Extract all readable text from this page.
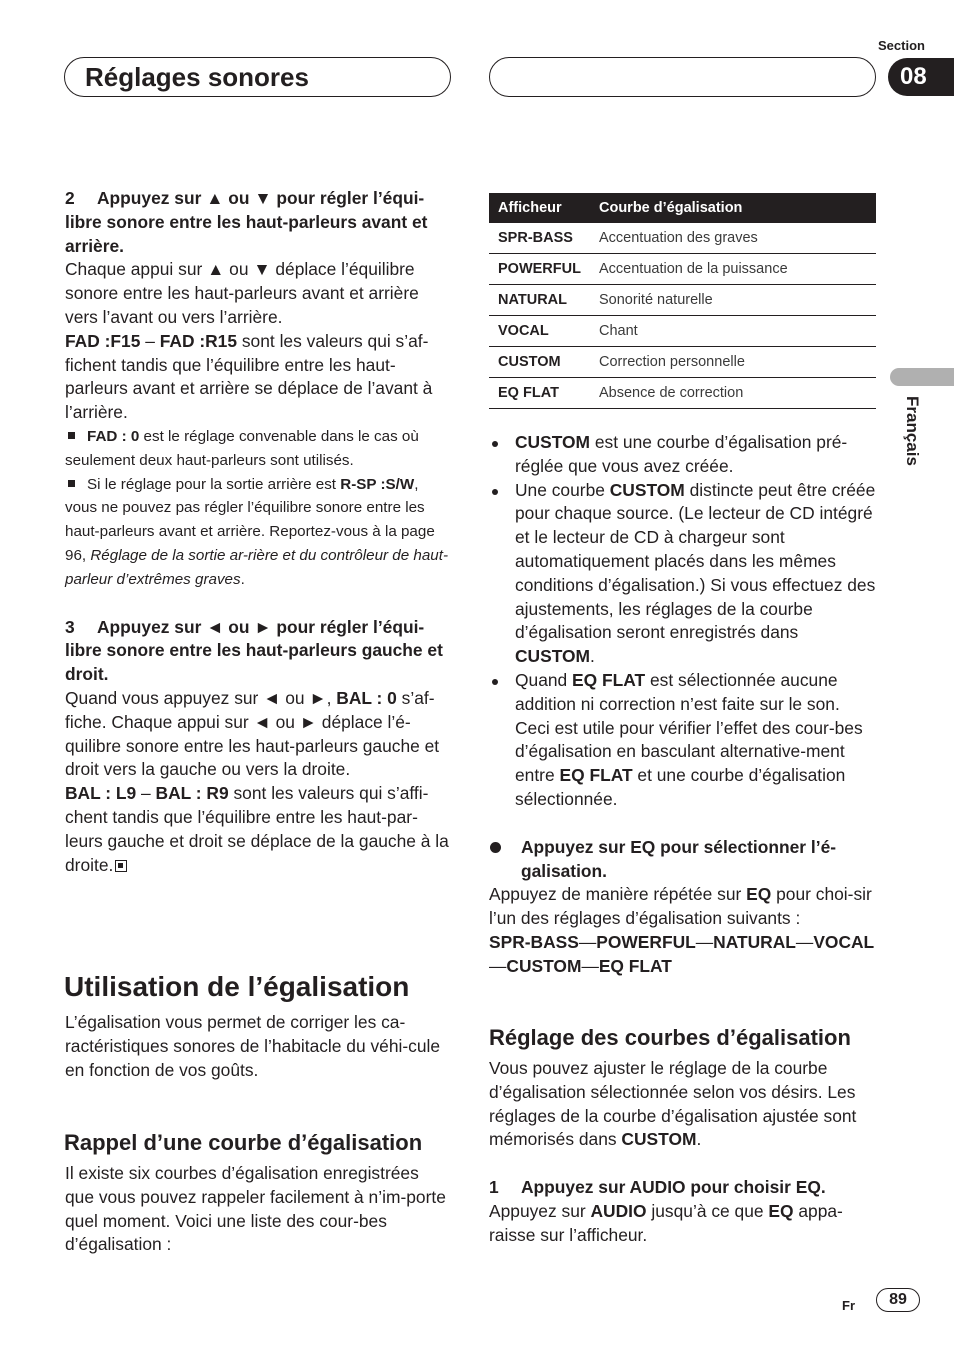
Réglages sonores
Section
08
Français

2 Appuyez sur ▲ ou ▼ pour régler l’équi-libre sonore entre les haut-parleurs avant et arrière.

Chaque appui sur ▲ ou ▼ déplace l’équilibre sonore entre les haut-parleurs avant et arrière vers l’avant ou vers l’arrière.

FAD :F15 – FAD :R15 sont les valeurs qui s’af-fichent tandis que l’équilibre entre les haut-parleurs avant et arrière se déplace de l’avant à l’arrière.

FAD : 0 est le réglage convenable dans le cas où seulement deux haut-parleurs sont utilisés.

Si le réglage pour la sortie arrière est R-SP :S/W, vous ne pouvez pas régler l’équilibre sonore entre les haut-parleurs avant et arrière. Reportez-vous à la page 96, Réglage de la sortie ar-rière et du contrôleur de haut-parleur d’extrêmes graves.

3 Appuyez sur ◄ ou ► pour régler l’équi-libre sonore entre les haut-parleurs gauche et droit.

Quand vous appuyez sur ◄ ou ►, BAL : 0 s’af-fiche. Chaque appui sur ◄ ou ► déplace l’é-quilibre sonore entre les haut-parleurs gauche et droit vers la gauche ou vers la droite.

BAL : L9 – BAL : R9 sont les valeurs qui s’affi-chent tandis que l’équilibre entre les haut-par-leurs gauche et droit se déplace de la gauche à la droite.

Utilisation de l’égalisation
L’égalisation vous permet de corriger les ca-ractéristiques sonores de l’habitacle du véhi-cule en fonction de vos goûts.
Rappel d’une courbe d’égalisation
Il existe six courbes d’égalisation enregistrées que vous pouvez rappeler facilement à n’im-porte quel moment. Voici une liste des cour-bes d’égalisation :
Afficheur	Courbe d’égalisation
SPR-BASS	Accentuation des graves
POWERFUL	Accentuation de la puissance
NATURAL	Sonorité naturelle
VOCAL	Chant
CUSTOM	Correction personnelle
EQ FLAT	Absence de correction
CUSTOM est une courbe d’égalisation pré-réglée que vous avez créée.
Une courbe CUSTOM distincte peut être créée pour chaque source. (Le lecteur de CD intégré et le lecteur de CD à chargeur sont automatiquement placés dans les mêmes conditions d’égalisation.) Si vous effectuez des ajustements, les réglages de la courbe d’égalisation seront enregistrés dans CUSTOM.
Quand EQ FLAT est sélectionnée aucune addition ni correction n’est faite sur le son. Ceci est utile pour vérifier l’effet des cour-bes d’égalisation en basculant alternative-ment entre EQ FLAT et une courbe d’égalisation sélectionnée.

Appuyez sur EQ pour sélectionner l’é-galisation.

Appuyez de manière répétée sur EQ pour choi-sir l’un des réglages d’égalisation suivants :

SPR-BASS—POWERFUL—NATURAL—VOCAL—CUSTOM—EQ FLAT

Réglage des courbes d’égalisation

Vous pouvez ajuster le réglage de la courbe d’égalisation sélectionnée selon vos désirs. Les réglages de la courbe d’égalisation ajustée sont mémorisés dans CUSTOM.

1 Appuyez sur AUDIO pour choisir EQ.

Appuyez sur AUDIO jusqu’à ce que EQ appa-raisse sur l’afficheur.

Fr	89
